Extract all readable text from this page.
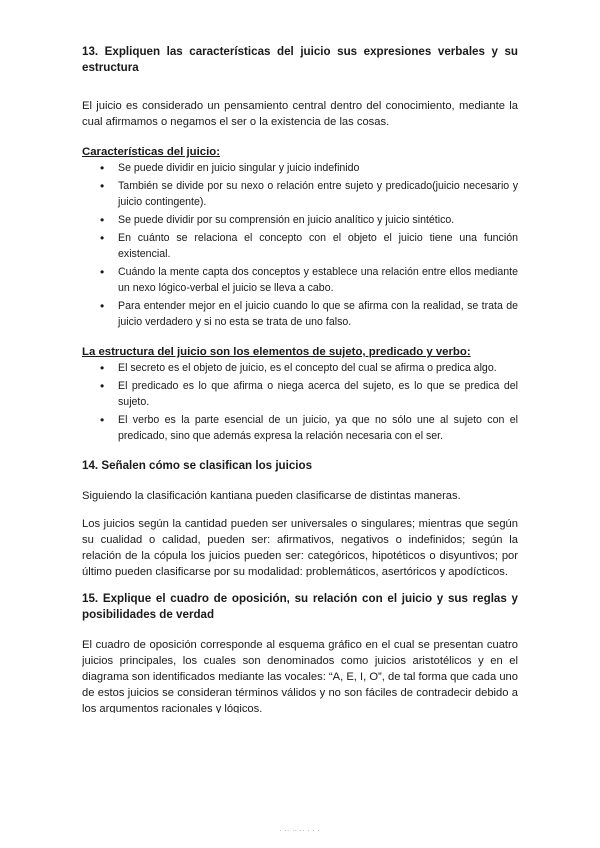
13. Expliquen las características del juicio sus expresiones verbales y su estructura

El juicio es considerado un pensamiento central dentro del conocimiento, mediante la cual afirmamos o negamos el ser o la existencia de las cosas.

Características del juicio:

• Se puede dividir en juicio singular y juicio indefinido
• También se divide por su nexo o relación entre sujeto y predicado(juicio necesario y juicio contingente).
• Se puede dividir por su comprensión en juicio analítico y juicio sintético.
• En cuánto se relaciona el concepto con el objeto el juicio tiene una función existencial.
• Cuándo la mente capta dos conceptos y establece una relación entre ellos mediante un nexo lógico-verbal el juicio se lleva a cabo.
• Para entender mejor en el juicio cuando lo que se afirma con la realidad, se trata de juicio verdadero y si no esta se trata de uno falso.

La estructura del juicio son los elementos de sujeto, predicado y verbo:

• El secreto es el objeto de juicio, es el concepto del cual se afirma o predica algo.
• El predicado es lo que afirma o niega acerca del sujeto, es lo que se predica del sujeto.
• El verbo es la parte esencial de un juicio, ya que no sólo une al sujeto con el predicado, sino que además expresa la relación necesaria con el ser.

14. Señalen cómo se clasifican los juicios

Siguiendo la clasificación kantiana pueden clasificarse de distintas maneras.

Los juicios según la cantidad pueden ser universales o singulares; mientras que según su cualidad o calidad, pueden ser: afirmativos, negativos o indefinidos; según la relación de la cópula los juicios pueden ser: categóricos, hipotéticos o disyuntivos; por último pueden clasificarse por su modalidad: problemáticos, asertóricos y apodícticos.

15. Explique el cuadro de oposición, su relación con el juicio y sus reglas y posibilidades de verdad

El cuadro de oposición corresponde al esquema gráfico en el cual se presentan cuatro juicios principales, los cuales son denominados como juicios aristotélicos y en el diagrama son identificados mediante las vocales: “A, E, I, O”, de tal forma que cada uno de estos juicios se consideran términos válidos y no son fáciles de contradecir debido a los argumentos racionales y lógicos.

· ·· ·· ·· · · ·
